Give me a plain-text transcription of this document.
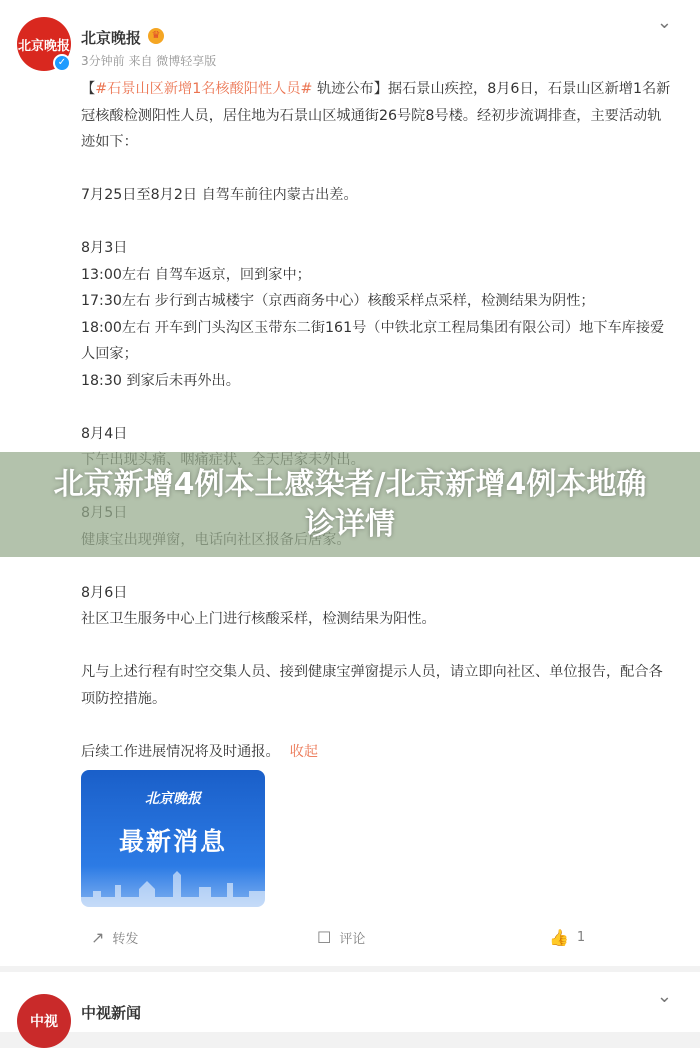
北京晚报
✓
北京晚报	♛
3分钟前 来自 微博轻享版
⌄

【#石景山区新增1名核酸阳性人员# 轨迹公布】据石景山疾控，8月6日，石景山区新增1名新冠核酸检测阳性人员，居住地为石景山区城通街26号院8号楼。经初步流调排查，主要活动轨迹如下：

7月25日至8月2日 自驾车前往内蒙古出差。

8月3日

13:00左右 自驾车返京，回到家中；

17:30左右 步行到古城楼宇（京西商务中心）核酸采样点采样，检测结果为阴性；

18:00左右 开车到门头沟区玉带东二街161号（中铁北京工程局集团有限公司）地下车库接爱人回家；

18:30 到家后未再外出。

8月4日

8月6日

社区卫生服务中心上门进行核酸采样，检测结果为阳性。

凡与上述行程有时空交集人员、接到健康宝弹窗提示人员，请立即向社区、单位报告，配合各项防控措施。

后续工作进展情况将及时通报。 收起

北京晚报
最新消息
↗ 转发	☐ 评论	👍 1
中视	中视新闻
⌄
北京新增4例本土感染者/北京新增4例本地确诊详情
